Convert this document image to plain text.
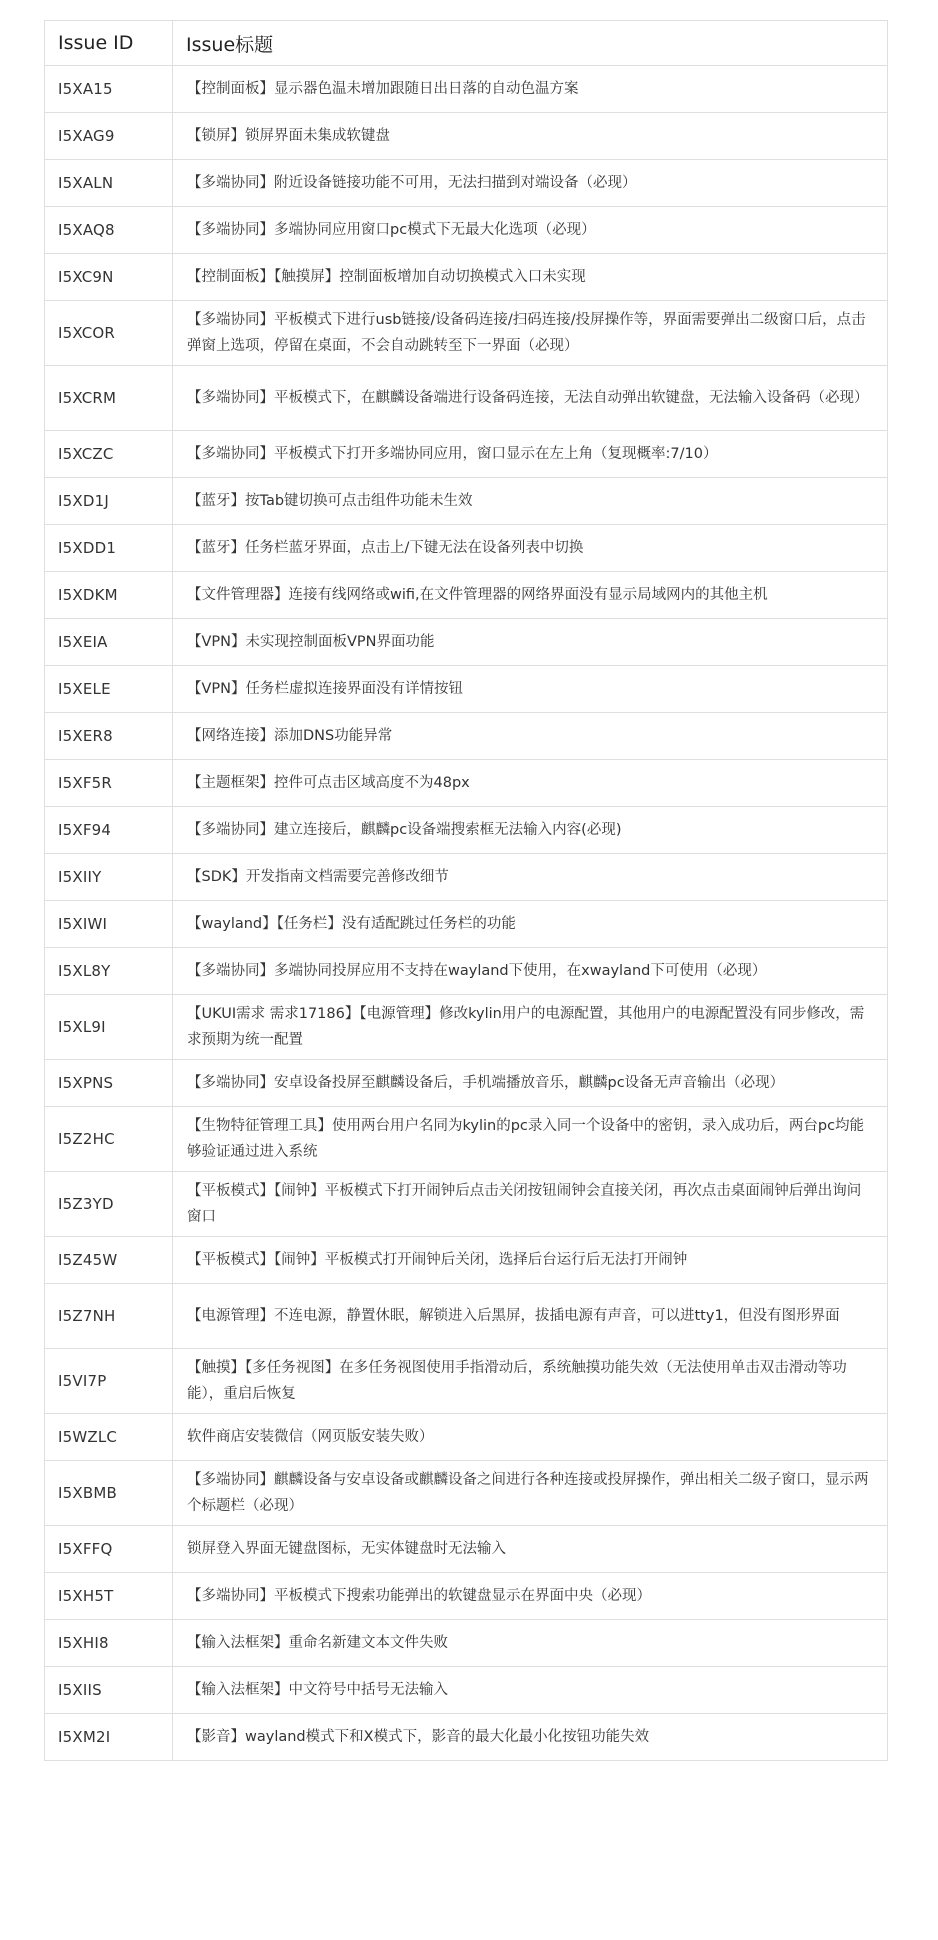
Issue ID	Issue标题
I5XA15	【控制面板】显示器色温未增加跟随日出日落的自动色温方案
I5XAG9	【锁屏】锁屏界面未集成软键盘
I5XALN	【多端协同】附近设备链接功能不可用，无法扫描到对端设备（必现）
I5XAQ8	【多端协同】多端协同应用窗口pc模式下无最大化选项（必现）
I5XC9N	【控制面板】【触摸屏】控制面板增加自动切换模式入口未实现
I5XCOR	【多端协同】平板模式下进行usb链接/设备码连接/扫码连接/投屏操作等，界面需要弹出二级窗口后，点击弹窗上选项，停留在桌面，不会自动跳转至下一界面（必现）
I5XCRM	【多端协同】平板模式下，在麒麟设备端进行设备码连接，无法自动弹出软键盘，无法输入设备码（必现）
I5XCZC	【多端协同】平板模式下打开多端协同应用，窗口显示在左上角（复现概率:7/10）
I5XD1J	【蓝牙】按Tab键切换可点击组件功能未生效
I5XDD1	【蓝牙】任务栏蓝牙界面，点击上/下键无法在设备列表中切换
I5XDKM	【文件管理器】连接有线网络或wifi,在文件管理器的网络界面没有显示局域网内的其他主机
I5XEIA	【VPN】未实现控制面板VPN界面功能
I5XELE	【VPN】任务栏虚拟连接界面没有详情按钮
I5XER8	【网络连接】添加DNS功能异常
I5XF5R	【主题框架】控件可点击区域高度不为48px
I5XF94	【多端协同】建立连接后，麒麟pc设备端搜索框无法输入内容(必现)
I5XIIY	【SDK】开发指南文档需要完善修改细节
I5XIWI	【wayland】【任务栏】没有适配跳过任务栏的功能
I5XL8Y	【多端协同】多端协同投屏应用不支持在wayland下使用，在xwayland下可使用（必现）
I5XL9I	【UKUI需求 需求17186】【电源管理】修改kylin用户的电源配置，其他用户的电源配置没有同步修改，需求预期为统一配置
I5XPNS	【多端协同】安卓设备投屏至麒麟设备后，手机端播放音乐，麒麟pc设备无声音输出（必现）
I5Z2HC	【生物特征管理工具】使用两台用户名同为kylin的pc录入同一个设备中的密钥，录入成功后，两台pc均能够验证通过进入系统
I5Z3YD	【平板模式】【闹钟】平板模式下打开闹钟后点击关闭按钮闹钟会直接关闭，再次点击桌面闹钟后弹出询问窗口
I5Z45W	【平板模式】【闹钟】平板模式打开闹钟后关闭，选择后台运行后无法打开闹钟
I5Z7NH	【电源管理】不连电源，静置休眠，解锁进入后黑屏，拔插电源有声音，可以进tty1，但没有图形界面
I5VI7P	【触摸】【多任务视图】在多任务视图使用手指滑动后，系统触摸功能失效（无法使用单击双击滑动等功能），重启后恢复
I5WZLC	软件商店安装微信（网页版安装失败）
I5XBMB	【多端协同】麒麟设备与安卓设备或麒麟设备之间进行各种连接或投屏操作，弹出相关二级子窗口，显示两个标题栏（必现）
I5XFFQ	锁屏登入界面无键盘图标，无实体键盘时无法输入
I5XH5T	【多端协同】平板模式下搜索功能弹出的软键盘显示在界面中央（必现）
I5XHI8	【输入法框架】重命名新建文本文件失败
I5XIIS	【输入法框架】中文符号中括号无法输入
I5XM2I	【影音】wayland模式下和X模式下，影音的最大化最小化按钮功能失效
